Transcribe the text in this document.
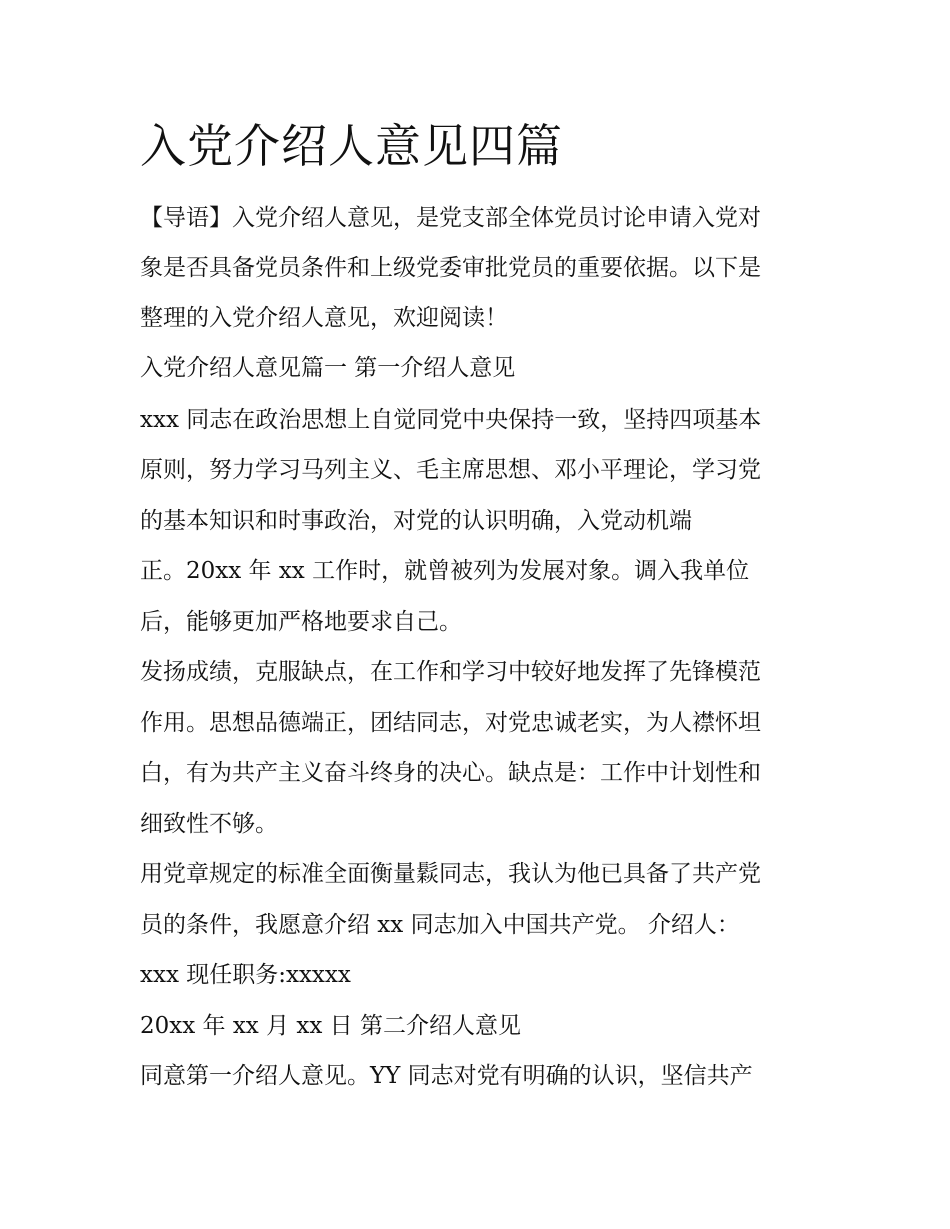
入党介绍人意见四篇

【导语】入党介绍人意见，是党支部全体党员讨论申请入党对

象是否具备党员条件和上级党委审批党员的重要依据。以下是

整理的入党介绍人意见，欢迎阅读！

入党介绍人意见篇一 第一介绍人意见

xxx 同志在政治思想上自觉同党中央保持一致，坚持四项基本

原则，努力学习马列主义、毛主席思想、邓小平理论，学习党

的基本知识和时事政治，对党的认识明确，入党动机端

正。20xx 年 xx 工作时，就曾被列为发展对象。调入我单位

后，能够更加严格地要求自己。

发扬成绩，克服缺点，在工作和学习中较好地发挥了先锋模范

作用。思想品德端正，团结同志，对党忠诚老实，为人襟怀坦

白，有为共产主义奋斗终身的决心。缺点是：工作中计划性和

细致性不够。

用党章规定的标准全面衡量鬏同志，我认为他已具备了共产党

员的条件，我愿意介绍 xx 同志加入中国共产党。 介绍人：

xxx 现任职务:xxxxx

20xx 年 xx 月 xx 日 第二介绍人意见

同意第一介绍人意见。YY 同志对党有明确的认识，坚信共产
